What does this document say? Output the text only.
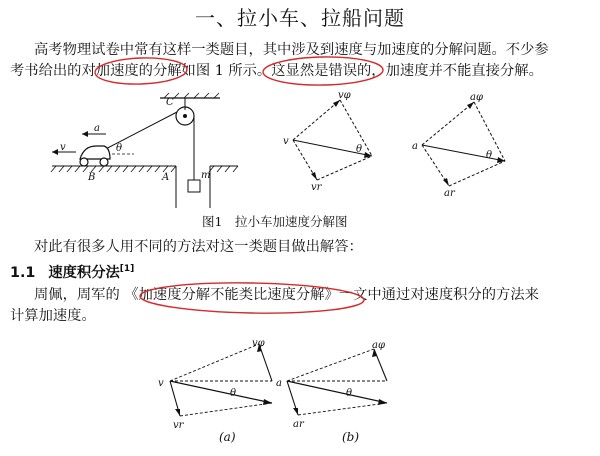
一、拉小车、拉船问题
高考物理试卷中常有这样一类题目，其中涉及到速度与加速度的分解问题。不少参
考书给出的对加速度的分解如图 1 所示。这显然是错误的，加速度并不能直接分解。
a
v	θ
B
C
A	m
v
vφ
vr
θ	a
aφ
ar
θ
图1　拉小车加速度分解图
对此有很多人用不同的方法对这一类题目做出解答：
1.1 速度积分法[1]
周佩，周军的 《加速度分解不能类比速度分解》一文中通过对速度积分的方法来
计算加速度。
v
vφ
vr
θ
(a)
a
aφ
ar
θ
(b)
